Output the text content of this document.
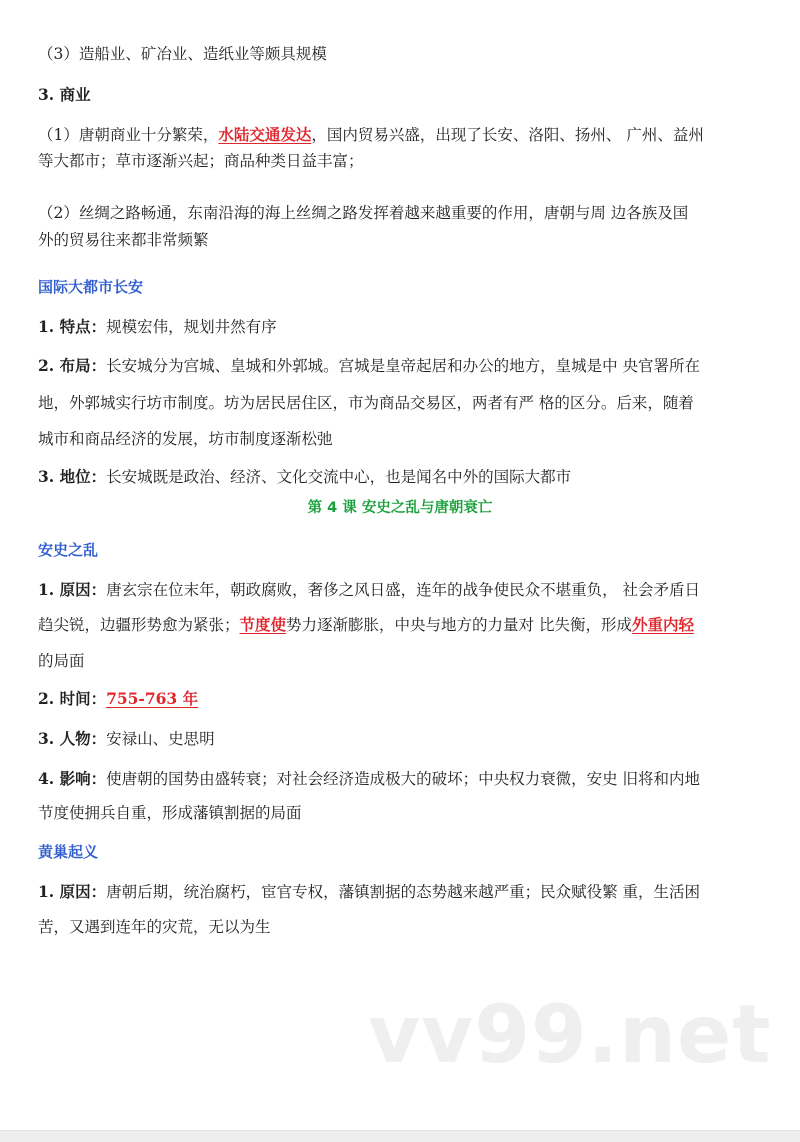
（3）造船业、矿冶业、造纸业等颇具规模
3. 商业
（1）唐朝商业十分繁荣，水陆交通发达，国内贸易兴盛，出现了长安、洛阳、扬州、 广州、益州
等大都市；草市逐渐兴起；商品种类日益丰富；
（2）丝绸之路畅通，东南沿海的海上丝绸之路发挥着越来越重要的作用，唐朝与周 边各族及国
外的贸易往来都非常频繁
国际大都市长安
1. 特点：规模宏伟，规划井然有序
2. 布局：长安城分为宫城、皇城和外郭城。宫城是皇帝起居和办公的地方，皇城是中 央官署所在
地，外郭城实行坊市制度。坊为居民居住区，市为商品交易区，两者有严 格的区分。后来，随着
城市和商品经济的发展，坊市制度逐渐松弛
3. 地位：长安城既是政治、经济、文化交流中心，也是闻名中外的国际大都市
第 4 课 安史之乱与唐朝衰亡
安史之乱
1. 原因：唐玄宗在位末年，朝政腐败，奢侈之风日盛，连年的战争使民众不堪重负， 社会矛盾日
趋尖锐，边疆形势愈为紧张；节度使势力逐渐膨胀，中央与地方的力量对 比失衡，形成外重内轻
的局面
2. 时间：755-763 年
3. 人物：安禄山、史思明
4. 影响：使唐朝的国势由盛转衰；对社会经济造成极大的破坏；中央权力衰微，安史 旧将和内地
节度使拥兵自重，形成藩镇割据的局面
黄巢起义
1. 原因：唐朝后期，统治腐朽，宦官专权，藩镇割据的态势越来越严重；民众赋役繁 重，生活困
苦，又遇到连年的灾荒，无以为生
vv99.net
